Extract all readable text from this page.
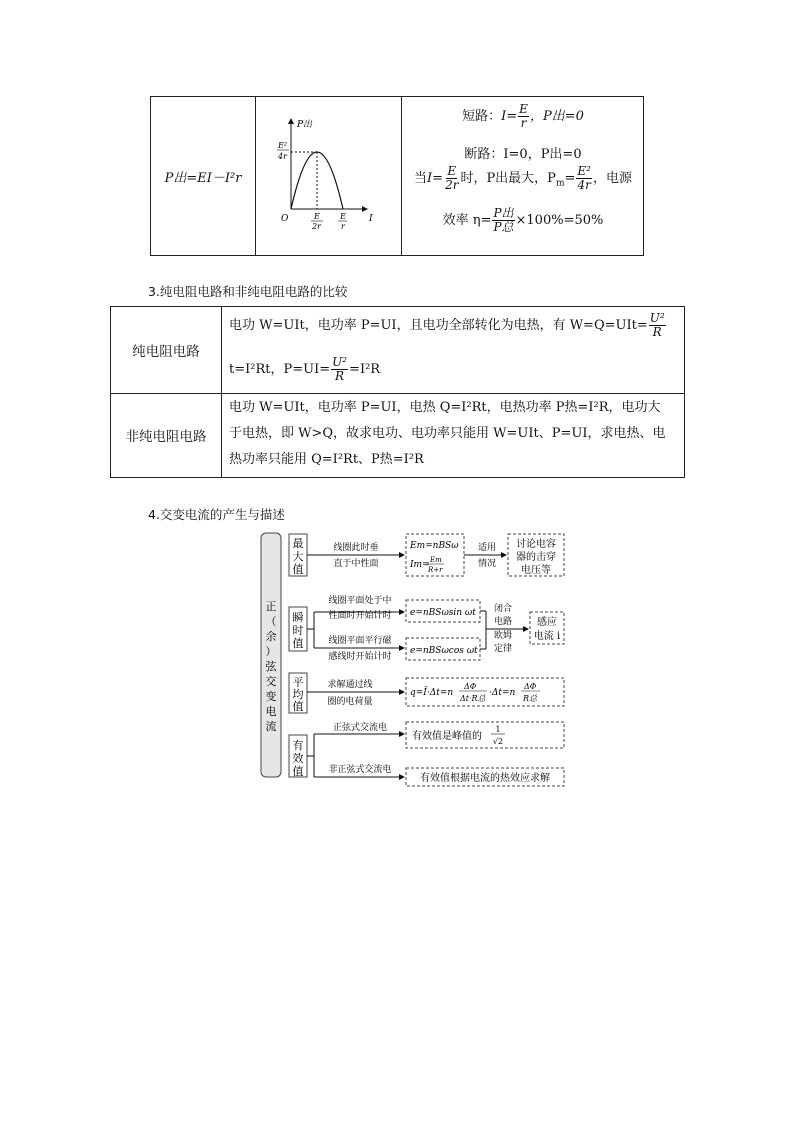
P出=EI－I²r
P出
E²
4r
O	E
2r
E
r
I
短路：$I= \frac{E}{r}$ ，P出=0
断路：I=0，P出=0
当$I= \frac{E}{2r}$ 时，P出最大，$P_m= \frac{\text{E²}}{4r}$ ，电源
效率 $\eta= \frac{\text{P出}}{\text{P总}} \times 100\%=50\%$
3.纯电阻电路和非纯电阻电路的比较
纯电阻电路
电功 W=UIt，电功率 P=UI，且电功全部转化为电热，有 $W=Q=UIt= \frac{\text{U²}}{R}$
t=I²Rt，$P=UI= \frac{\text{U²}}{R} =I^2R$
非纯电阻电路
电功 W=UIt，电功率 P=UI，电热 Q=I²Rt，电热功率 P热=I²R，电功大
于电热，即 W>Q，故求电功、电功率只能用 W=UIt、P=UI，求电热、电
热功率只能用 Q=I²Rt、P热=I²R
4.交变电流的产生与描述
正
（
余
）
弦
交
变
电
流
最
大
值
瞬
时
值
平
均
值
有
效
值
线圈此时垂
直于中性面
Em=nBSω
Im= Em
R+r
适用
情况
讨论电容
器的击穿
电压等
线圈平面处于中
性面时开始计时
线圈平面平行磁
感线时开始计时
e=nBSωsin ωt
e=nBSωcos ωt
闭合
电路
欧姆
定律
感应
电流 i
求解通过线
圈的电荷量
q=Ī·Δt=n
ΔΦ
Δt·R总
·Δt=n
ΔΦ
R总
正弦式交流电
非正弦式交流电
有效值是峰值的
1
√2
有效值根据电流的热效应求解
